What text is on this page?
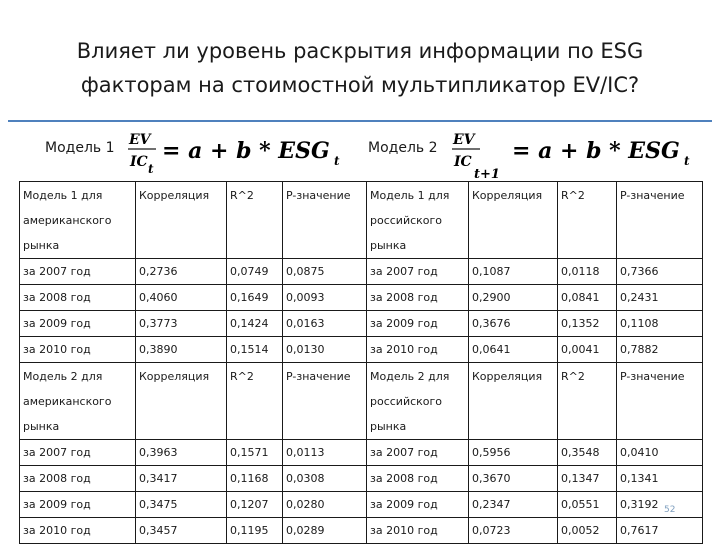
Влияет ли уровень раскрытия информации по ESG
факторам на стоимостной мультипликатор EV/IC?
Модель 1 EV
IC t
= a + b * ESG t
Модель 2 EV
IC
t+1
= a + b * ESG t
Модель 1 для
американского
рынка	Корреляция	R^2	P-значение	Модель 1 для
российского
рынка	Корреляция	R^2	P-значение
за 2007 год	0,2736	0,0749	0,0875	за 2007 год	0,1087	0,0118	0,7366
за 2008 год	0,4060	0,1649	0,0093	за 2008 год	0,2900	0,0841	0,2431
за 2009 год	0,3773	0,1424	0,0163	за 2009 год	0,3676	0,1352	0,1108
за 2010 год	0,3890	0,1514	0,0130	за 2010 год	0,0641	0,0041	0,7882

Модель 2 для
американского
рынка	Корреляция	R^2	P-значение	Модель 2 для
российского
рынка	Корреляция	R^2	P-значение
за 2007 год	0,3963	0,1571	0,0113	за 2007 год	0,5956	0,3548	0,0410
за 2008 год	0,3417	0,1168	0,0308	за 2008 год	0,3670	0,1347	0,1341
за 2009 год	0,3475	0,1207	0,0280	за 2009 год	0,2347	0,0551	0,3192
за 2010 год	0,3457	0,1195	0,0289	за 2010 год	0,0723	0,0052	0,7617
52
